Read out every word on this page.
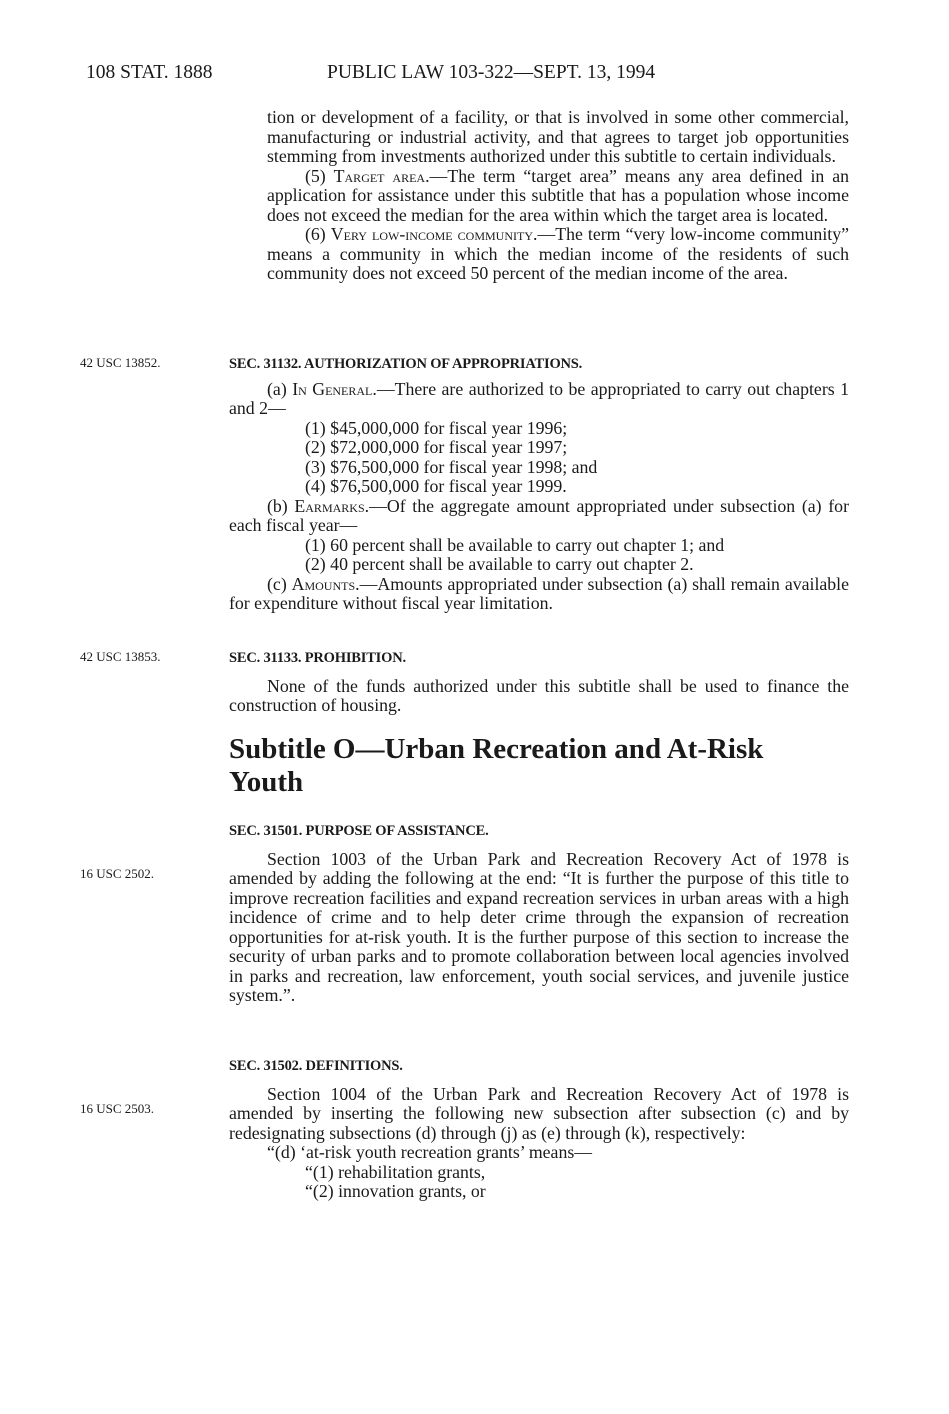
108 STAT. 1888	PUBLIC LAW 103-322—SEPT. 13, 1994
42 USC 13852.
42 USC 13853.
16 USC 2502.
16 USC 2503.

tion or development of a facility, or that is involved in some other commercial, manufacturing or industrial activity, and that agrees to target job opportunities stemming from investments authorized under this subtitle to certain individuals.

(5) Target area.—The term “target area” means any area defined in an application for assistance under this subtitle that has a population whose income does not exceed the median for the area within which the target area is located.

(6) Very low-income community.—The term “very low-income community” means a community in which the median income of the residents of such community does not exceed 50 percent of the median income of the area.

SEC. 31132. AUTHORIZATION OF APPROPRIATIONS.

(a) In General.—There are authorized to be appropriated to carry out chapters 1 and 2—

(1) $45,000,000 for fiscal year 1996;

(2) $72,000,000 for fiscal year 1997;

(3) $76,500,000 for fiscal year 1998; and

(4) $76,500,000 for fiscal year 1999.

(b) Earmarks.—Of the aggregate amount appropriated under subsection (a) for each fiscal year—

(1) 60 percent shall be available to carry out chapter 1; and

(2) 40 percent shall be available to carry out chapter 2.

(c) Amounts.—Amounts appropriated under subsection (a) shall remain available for expenditure without fiscal year limitation.

SEC. 31133. PROHIBITION.

None of the funds authorized under this subtitle shall be used to finance the construction of housing.

Subtitle O—Urban Recreation and At-Risk

Youth

SEC. 31501. PURPOSE OF ASSISTANCE.

Section 1003 of the Urban Park and Recreation Recovery Act of 1978 is amended by adding the following at the end: “It is further the purpose of this title to improve recreation facilities and expand recreation services in urban areas with a high incidence of crime and to help deter crime through the expansion of recreation opportunities for at-risk youth. It is the further purpose of this section to increase the security of urban parks and to promote collaboration between local agencies involved in parks and recreation, law enforcement, youth social services, and juvenile justice system.”.

SEC. 31502. DEFINITIONS.

Section 1004 of the Urban Park and Recreation Recovery Act of 1978 is amended by inserting the following new subsection after subsection (c) and by redesignating subsections (d) through (j) as (e) through (k), respectively:

“(d) ‘at-risk youth recreation grants’ means—

“(1) rehabilitation grants,

“(2) innovation grants, or
